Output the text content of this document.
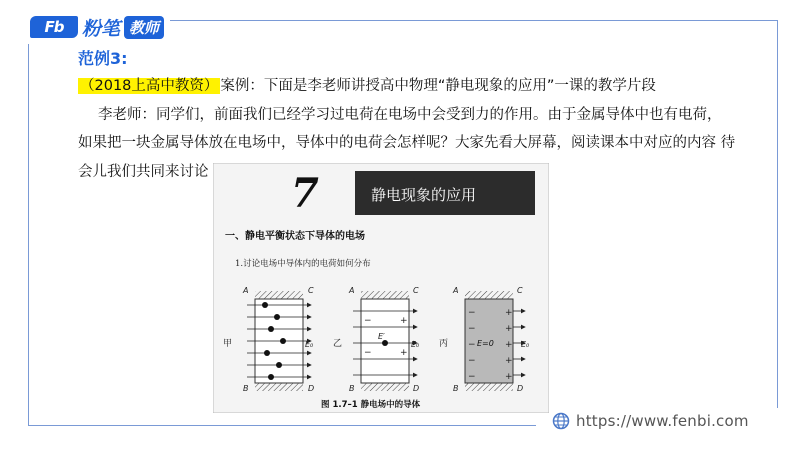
Fb 粉笔 教师
范例3:
（2018上高中教资） 案例：下面是李老师讲授高中物理“静电现象的应用”一课的教学片段
李老师：同学们，前面我们已经学习过电荷在电场中会受到力的作用。由于金属导体中也有电荷，
如果把一块金属导体放在电场中，导体中的电荷会怎样呢？大家先看大屏幕，阅读课本中对应的内容 待
会儿我们共同来讨论 7	静电现象的应用
一、静电平衡状态下导体的电场
1.讨论电场中导体内的电荷如何分布
甲
A
B
C
D
E₀
−
−
+
+
乙
A
B
C
D
E′
E₀
−
−
−
−
−
+
+
+
+
+
丙
A
B
C
D
E=0	E₀
图 1.7–1 静电场中的导体
https://www.fenbi.com
